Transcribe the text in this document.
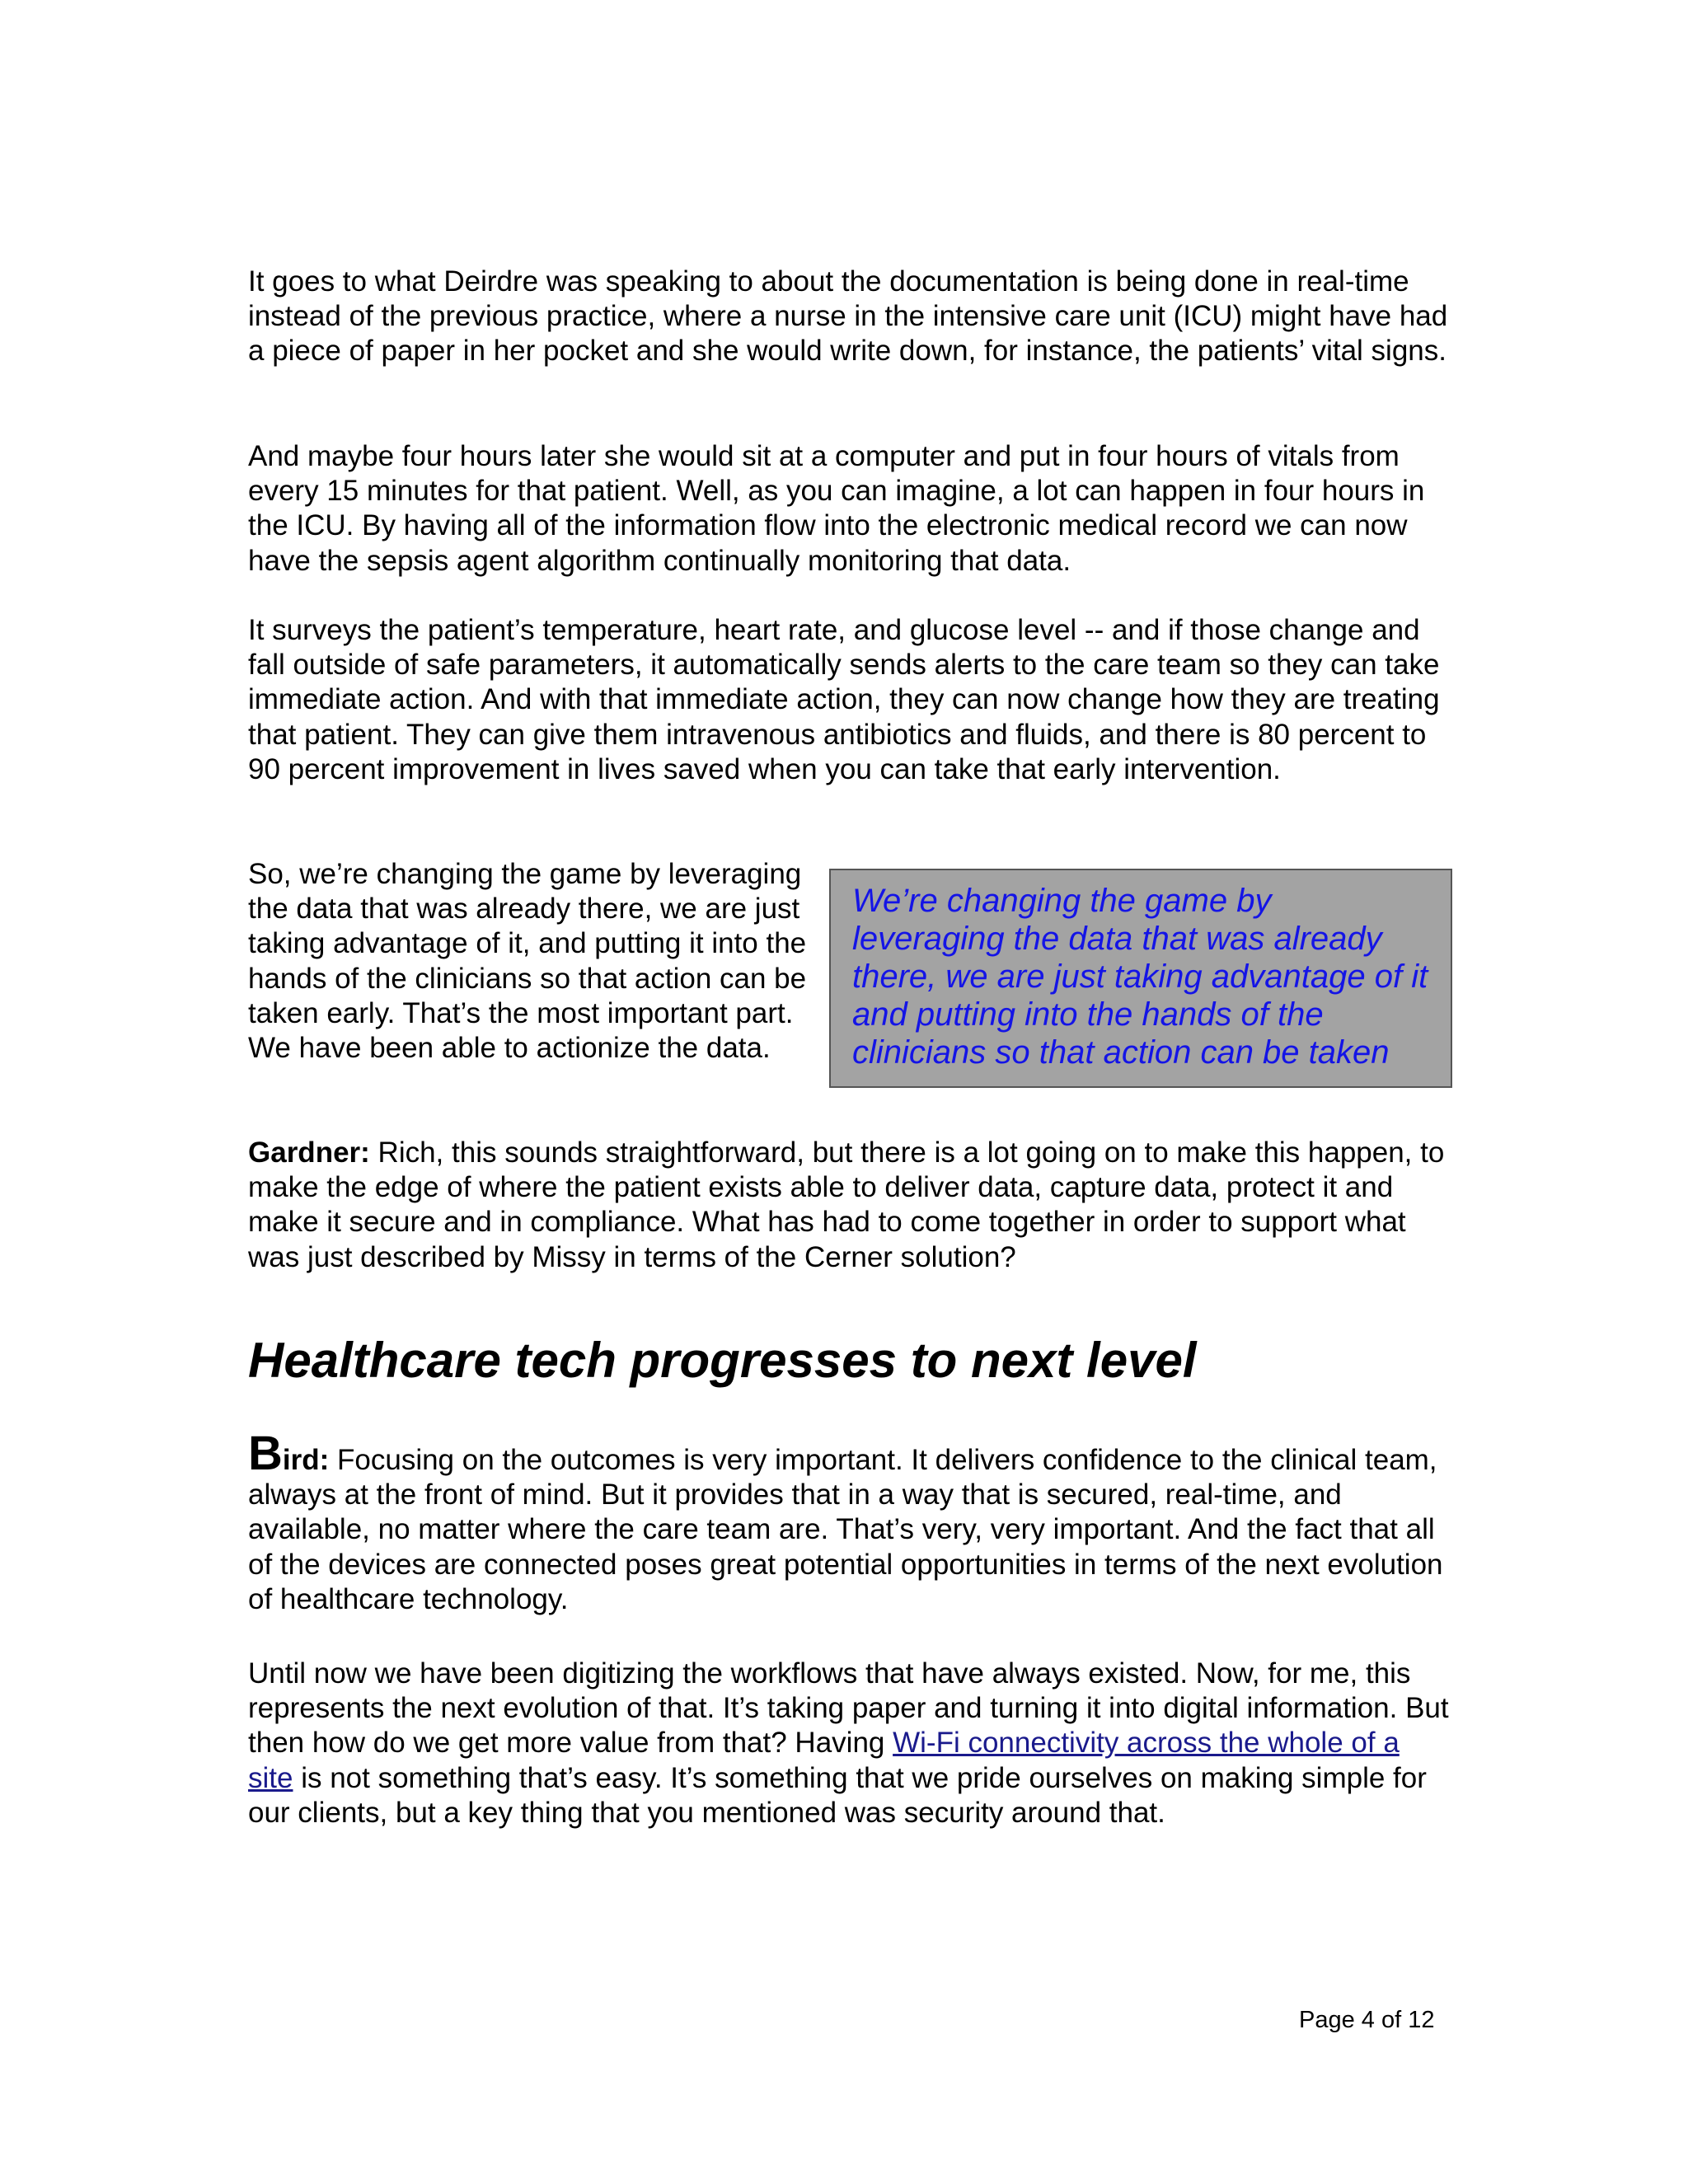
It goes to what Deirdre was speaking to about the documentation is being done in real-time instead of the previous practice, where a nurse in the intensive care unit (ICU) might have had a piece of paper in her pocket and she would write down, for instance, the patients’ vital signs.

And maybe four hours later she would sit at a computer and put in four hours of vitals from every 15 minutes for that patient. Well, as you can imagine, a lot can happen in four hours in the ICU. By having all of the information flow into the electronic medical record we can now have the sepsis agent algorithm continually monitoring that data.

It surveys the patient’s temperature, heart rate, and glucose level -- and if those change and fall outside of safe parameters, it automatically sends alerts to the care team so they can take immediate action. And with that immediate action, they can now change how they are treating that patient. They can give them intravenous antibiotics and fluids, and there is 80 percent to 90 percent improvement in lives saved when you can take that early intervention.

So, we’re changing the game by leveraging the data that was already there, we are just taking advantage of it, and putting it into the hands of the clinicians so that action can be taken early. That’s the most important part. We have been able to actionize the data.

We’re changing the game by leveraging the data that was already there, we are just taking advantage of it and putting into the hands of the clinicians so that action can be taken

Gardner: Rich, this sounds straightforward, but there is a lot going on to make this happen, to make the edge of where the patient exists able to deliver data, capture data, protect it and make it secure and in compliance. What has had to come together in order to support what was just described by Missy in terms of the Cerner solution?

Healthcare tech progresses to next level

Bird: Focusing on the outcomes is very important. It delivers confidence to the clinical team, always at the front of mind. But it provides that in a way that is secured, real-time, and available, no matter where the care team are. That’s very, very important. And the fact that all of the devices are connected poses great potential opportunities in terms of the next evolution of healthcare technology.

Until now we have been digitizing the workflows that have always existed. Now, for me, this represents the next evolution of that. It’s taking paper and turning it into digital information. But then how do we get more value from that? Having Wi-Fi connectivity across the whole of a site is not something that’s easy. It’s something that we pride ourselves on making simple for our clients, but a key thing that you mentioned was security around that.

Page 4 of 12
